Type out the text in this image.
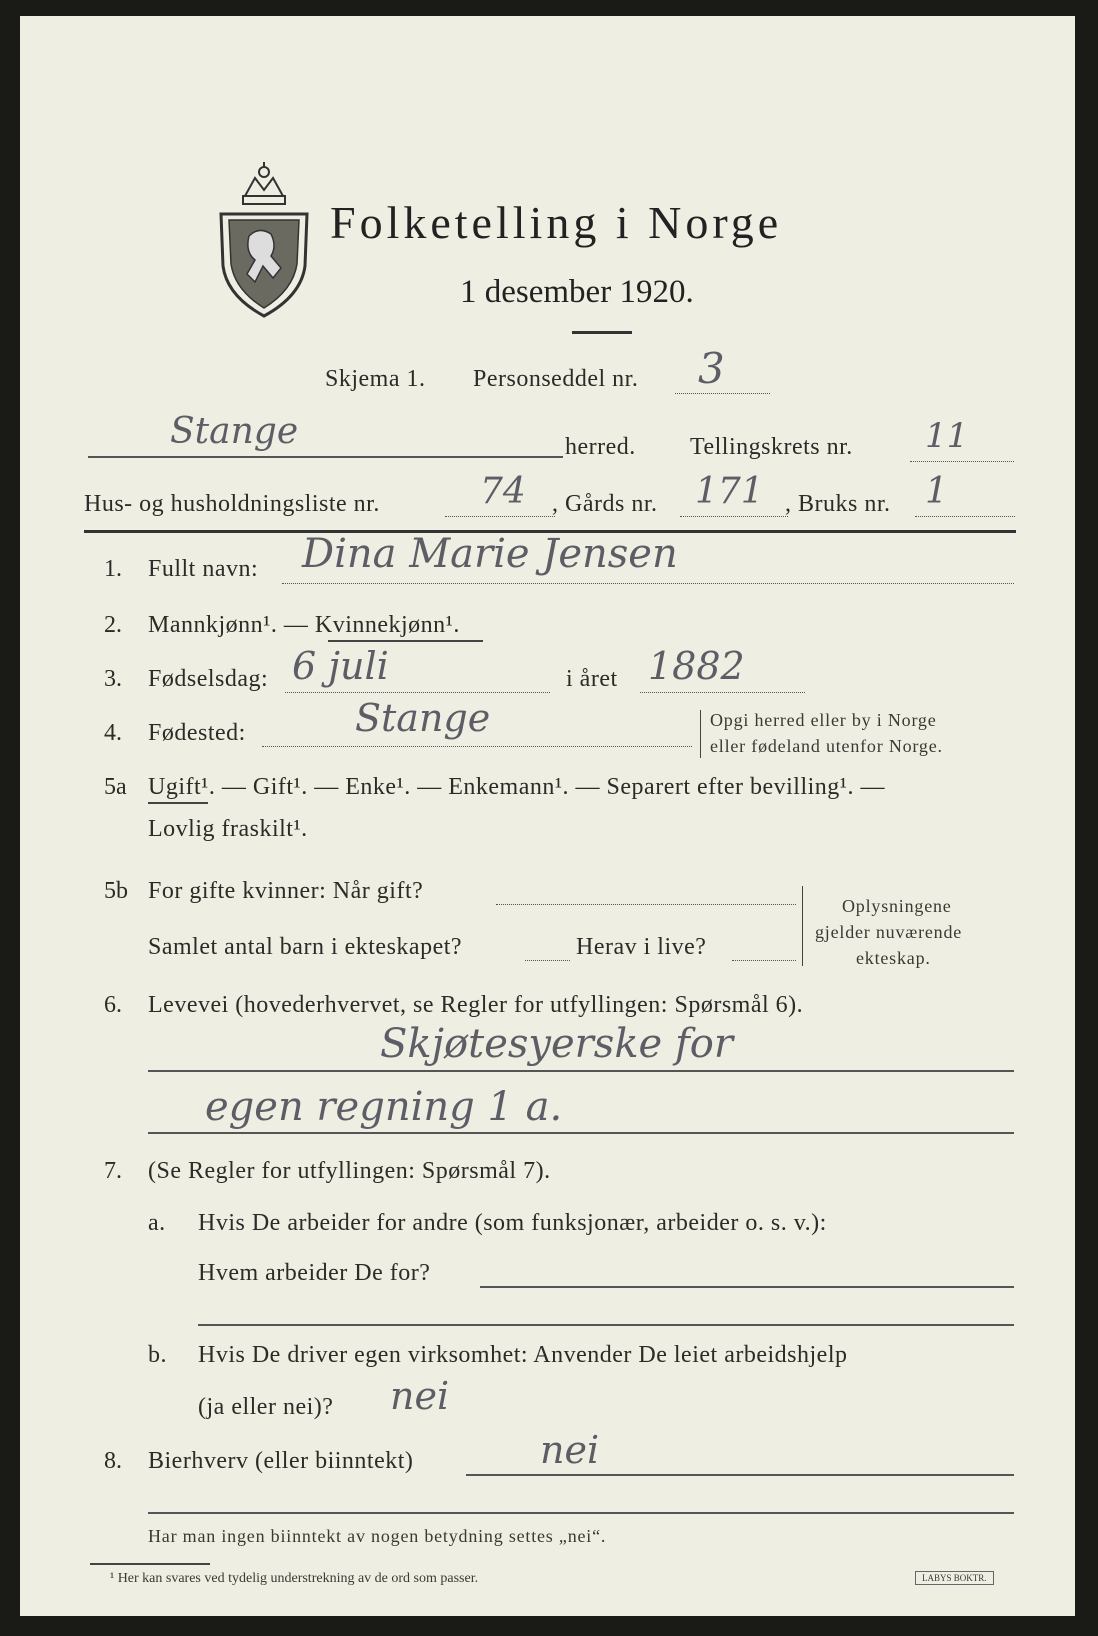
Folketelling i Norge
1 desember 1920.
Skjema 1. Personseddel nr. 3
Stange	herred. Tellingskrets nr. 11
Hus- og husholdningsliste nr.	74 , Gårds nr. 171 , Bruks nr. 1
1. Fullt navn: Dina Marie Jensen
2. Mannkjønn¹. — Kvinnekjønn¹.
3. Fødselsdag: 6 juli	i året 1882
4. Fødested:	Stange	Opgi herred eller by i Norge
eller fødeland utenfor Norge.
5a Ugift¹. — Gift¹. — Enke¹. — Enkemann¹. — Separert efter bevilling¹. —
Lovlig fraskilt¹.
5b For gifte kvinner: Når gift?
Samlet antal barn i ekteskapet?	Herav i live?
Oplysningene
gjelder nuværende
ekteskap.
6. Levevei (hovederhvervet, se Regler for utfyllingen: Spørsmål 6).
Skjøtesyerske for
egen regning 1 a.
7. (Se Regler for utfyllingen: Spørsmål 7).
a. Hvis De arbeider for andre (som funksjonær, arbeider o. s. v.):
Hvem arbeider De for?
b. Hvis De driver egen virksomhet: Anvender De leiet arbeidshjelp
(ja eller nei)? nei
8. Bierhverv (eller biinntekt)	nei
Har man ingen biinntekt av nogen betydning settes „nei“.
¹ Her kan svares ved tydelig understrekning av de ord som passer.	LABYS BOKTR.
